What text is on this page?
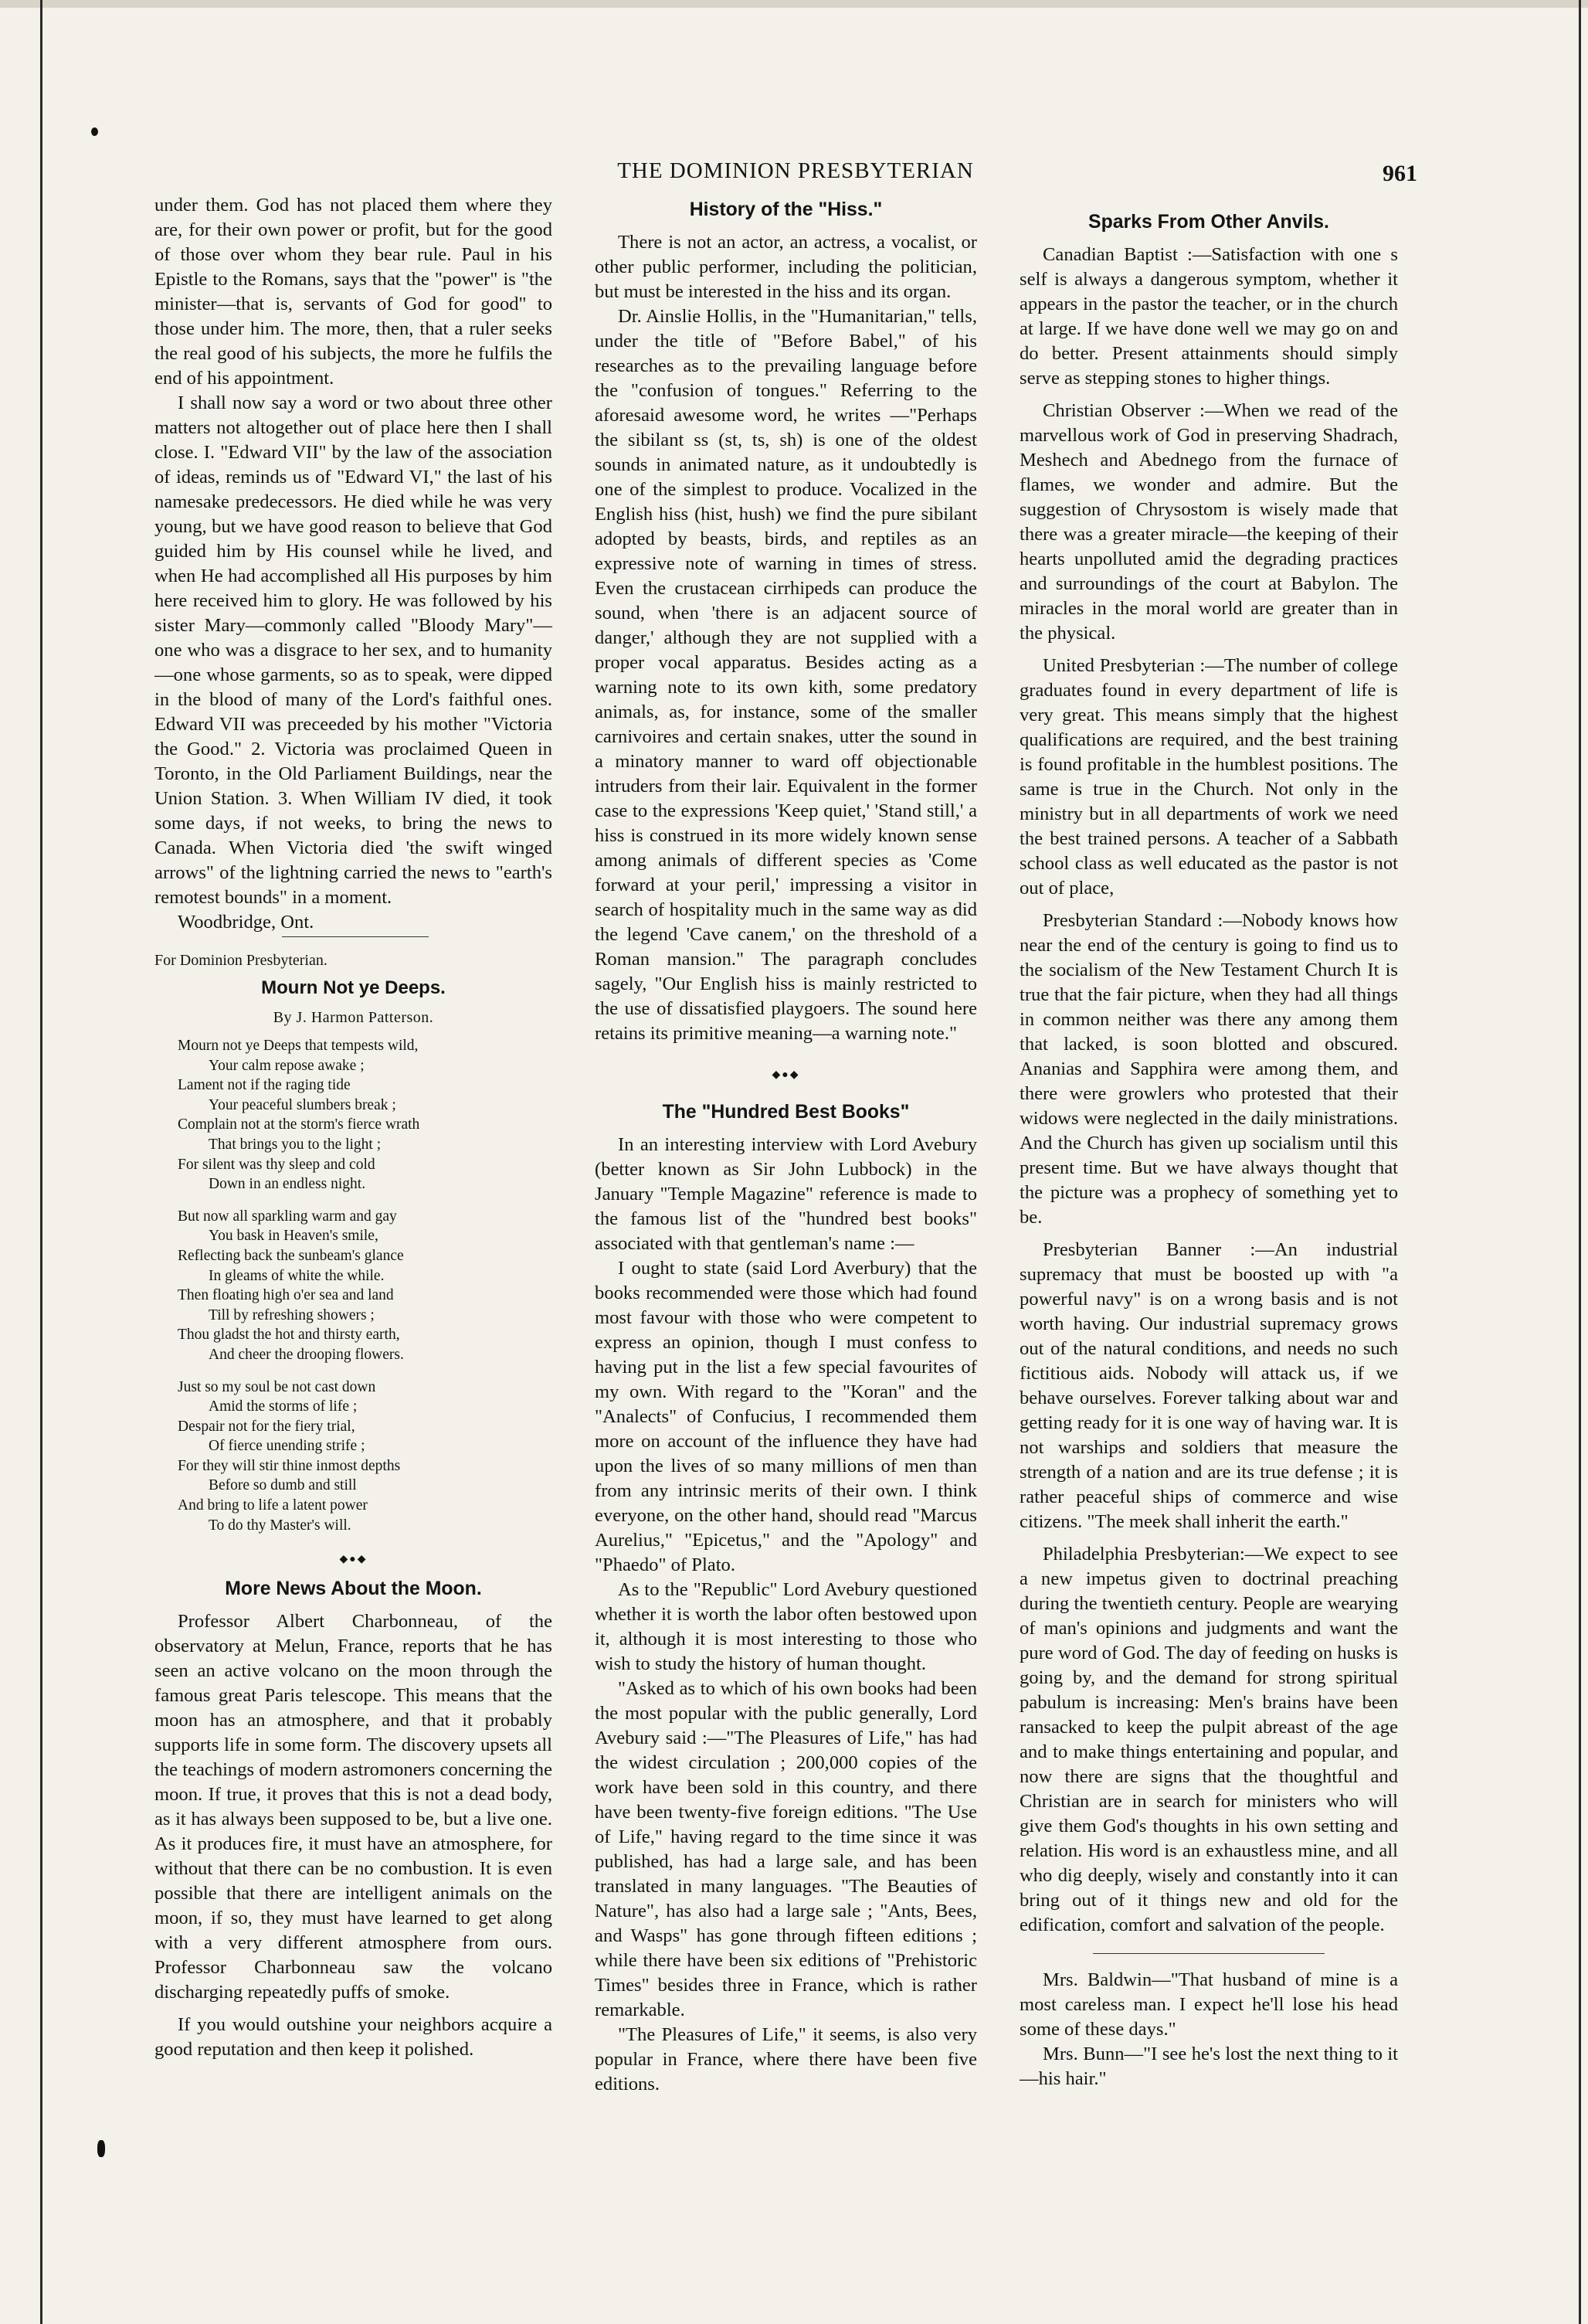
THE DOMINION PRESBYTERIAN	961

under them. God has not placed them where they are, for their own power or profit, but for the good of those over whom they bear rule. Paul in his Epistle to the Romans, says that the "power" is "the minister—that is, servants of God for good" to those under him. The more, then, that a ruler seeks the real good of his subjects, the more he fulfils the end of his appointment.

I shall now say a word or two about three other matters not altogether out of place here then I shall close. I. "Edward VII" by the law of the association of ideas, reminds us of "Edward VI," the last of his namesake predecessors. He died while he was very young, but we have good reason to believe that God guided him by His counsel while he lived, and when He had accomplished all His purposes by him here received him to glory. He was followed by his sister Mary—commonly called "Bloody Mary"—one who was a disgrace to her sex, and to humanity—one whose garments, so as to speak, were dipped in the blood of many of the Lord's faithful ones. Edward VII was preceeded by his mother "Victoria the Good." 2. Victoria was proclaimed Queen in Toronto, in the Old Parliament Buildings, near the Union Station. 3. When William IV died, it took some days, if not weeks, to bring the news to Canada. When Victoria died 'the swift winged arrows" of the lightning carried the news to "earth's remotest bounds" in a moment.

Woodbridge, Ont.

For Dominion Presbyterian.
Mourn Not ye Deeps.
By J. Harmon Patterson.
Mourn not ye Deeps that tempests wild,
Your calm repose awake ;
Lament not if the raging tide
Your peaceful slumbers break ;
Complain not at the storm's fierce wrath
That brings you to the light ;
For silent was thy sleep and cold
Down in an endless night.
But now all sparkling warm and gay
You bask in Heaven's smile,
Reflecting back the sunbeam's glance
In gleams of white the while.
Then floating high o'er sea and land
Till by refreshing showers ;
Thou gladst the hot and thirsty earth,
And cheer the drooping flowers.
Just so my soul be not cast down
Amid the storms of life ;
Despair not for the fiery trial,
Of fierce unending strife ;
For they will stir thine inmost depths
Before so dumb and still
And bring to life a latent power
To do thy Master's will.
◆●◆
More News About the Moon.

Professor Albert Charbonneau, of the observatory at Melun, France, reports that he has seen an active volcano on the moon through the famous great Paris telescope. This means that the moon has an atmosphere, and that it probably supports life in some form. The discovery upsets all the teachings of modern astromoners concerning the moon. If true, it proves that this is not a dead body, as it has always been supposed to be, but a live one. As it produces fire, it must have an atmosphere, for without that there can be no combustion. It is even possible that there are intelligent animals on the moon, if so, they must have learned to get along with a very different atmosphere from ours. Professor Charbonneau saw the volcano discharging repeatedly puffs of smoke.

If you would outshine your neighbors acquire a good reputation and then keep it polished.

History of the "Hiss."

There is not an actor, an actress, a vocalist, or other public performer, including the politician, but must be interested in the hiss and its organ.

Dr. Ainslie Hollis, in the "Humanitarian," tells, under the title of "Before Babel," of his researches as to the prevailing language before the "confusion of tongues." Referring to the aforesaid awesome word, he writes —"Perhaps the sibilant ss (st, ts, sh) is one of the oldest sounds in animated nature, as it undoubtedly is one of the simplest to produce. Vocalized in the English hiss (hist, hush) we find the pure sibilant adopted by beasts, birds, and reptiles as an expressive note of warning in times of stress. Even the crustacean cirrhipeds can produce the sound, when 'there is an adjacent source of danger,' although they are not supplied with a proper vocal apparatus. Besides acting as a warning note to its own kith, some predatory animals, as, for instance, some of the smaller carnivoires and certain snakes, utter the sound in a minatory manner to ward off objectionable intruders from their lair. Equivalent in the former case to the expressions 'Keep quiet,' 'Stand still,' a hiss is construed in its more widely known sense among animals of different species as 'Come forward at your peril,' impressing a visitor in search of hospitality much in the same way as did the legend 'Cave canem,' on the threshold of a Roman mansion." The paragraph concludes sagely, "Our English hiss is mainly restricted to the use of dissatisfied playgoers. The sound here retains its primitive meaning—a warning note."

◆●◆
The "Hundred Best Books"

In an interesting interview with Lord Avebury (better known as Sir John Lubbock) in the January "Temple Magazine" reference is made to the famous list of the "hundred best books" associated with that gentleman's name :—

I ought to state (said Lord Averbury) that the books recommended were those which had found most favour with those who were competent to express an opinion, though I must confess to having put in the list a few special favourites of my own. With regard to the "Koran" and the "Analects" of Confucius, I recommended them more on account of the influence they have had upon the lives of so many millions of men than from any intrinsic merits of their own. I think everyone, on the other hand, should read "Marcus Aurelius," "Epicetus," and the "Apology" and "Phaedo" of Plato.

As to the "Republic" Lord Avebury questioned whether it is worth the labor often bestowed upon it, although it is most interesting to those who wish to study the history of human thought.

"Asked as to which of his own books had been the most popular with the public generally, Lord Avebury said :—"The Pleasures of Life," has had the widest circulation ; 200,000 copies of the work have been sold in this country, and there have been twenty-five foreign editions. "The Use of Life," having regard to the time since it was published, has had a large sale, and has been translated in many languages. "The Beauties of Nature", has also had a large sale ; "Ants, Bees, and Wasps" has gone through fifteen editions ; while there have been six editions of "Prehistoric Times" besides three in France, which is rather remarkable.

"The Pleasures of Life," it seems, is also very popular in France, where there have been five editions.

Sparks From Other Anvils.

Canadian Baptist :—Satisfaction with one s self is always a dangerous symptom, whether it appears in the pastor the teacher, or in the church at large. If we have done well we may go on and do better. Present attainments should simply serve as stepping stones to higher things.

Christian Observer :—When we read of the marvellous work of God in preserving Shadrach, Meshech and Abednego from the furnace of flames, we wonder and admire. But the suggestion of Chrysostom is wisely made that there was a greater miracle—the keeping of their hearts unpolluted amid the degrading practices and surroundings of the court at Babylon. The miracles in the moral world are greater than in the physical.

United Presbyterian :—The number of college graduates found in every department of life is very great. This means simply that the highest qualifications are required, and the best training is found profitable in the humblest positions. The same is true in the Church. Not only in the ministry but in all departments of work we need the best trained persons. A teacher of a Sabbath school class as well educated as the pastor is not out of place,

Presbyterian Standard :—Nobody knows how near the end of the century is going to find us to the socialism of the New Testament Church It is true that the fair picture, when they had all things in common neither was there any among them that lacked, is soon blotted and obscured. Ananias and Sapphira were among them, and there were growlers who protested that their widows were neglected in the daily ministrations. And the Church has given up socialism until this present time. But we have always thought that the picture was a prophecy of something yet to be.

Presbyterian Banner :—An industrial supremacy that must be boosted up with "a powerful navy" is on a wrong basis and is not worth having. Our industrial supremacy grows out of the natural conditions, and needs no such fictitious aids. Nobody will attack us, if we behave ourselves. Forever talking about war and getting ready for it is one way of having war. It is not warships and soldiers that measure the strength of a nation and are its true defense ; it is rather peaceful ships of commerce and wise citizens. "The meek shall inherit the earth."

Philadelphia Presbyterian:—We expect to see a new impetus given to doctrinal preaching during the twentieth century. People are wearying of man's opinions and judgments and want the pure word of God. The day of feeding on husks is going by, and the demand for strong spiritual pabulum is increasing: Men's brains have been ransacked to keep the pulpit abreast of the age and to make things entertaining and popular, and now there are signs that the thoughtful and Christian are in search for ministers who will give them God's thoughts in his own setting and relation. His word is an exhaustless mine, and all who dig deeply, wisely and constantly into it can bring out of it things new and old for the edification, comfort and salvation of the people.

Mrs. Baldwin—"That husband of mine is a most careless man. I expect he'll lose his head some of these days."

Mrs. Bunn—"I see he's lost the next thing to it—his hair."
